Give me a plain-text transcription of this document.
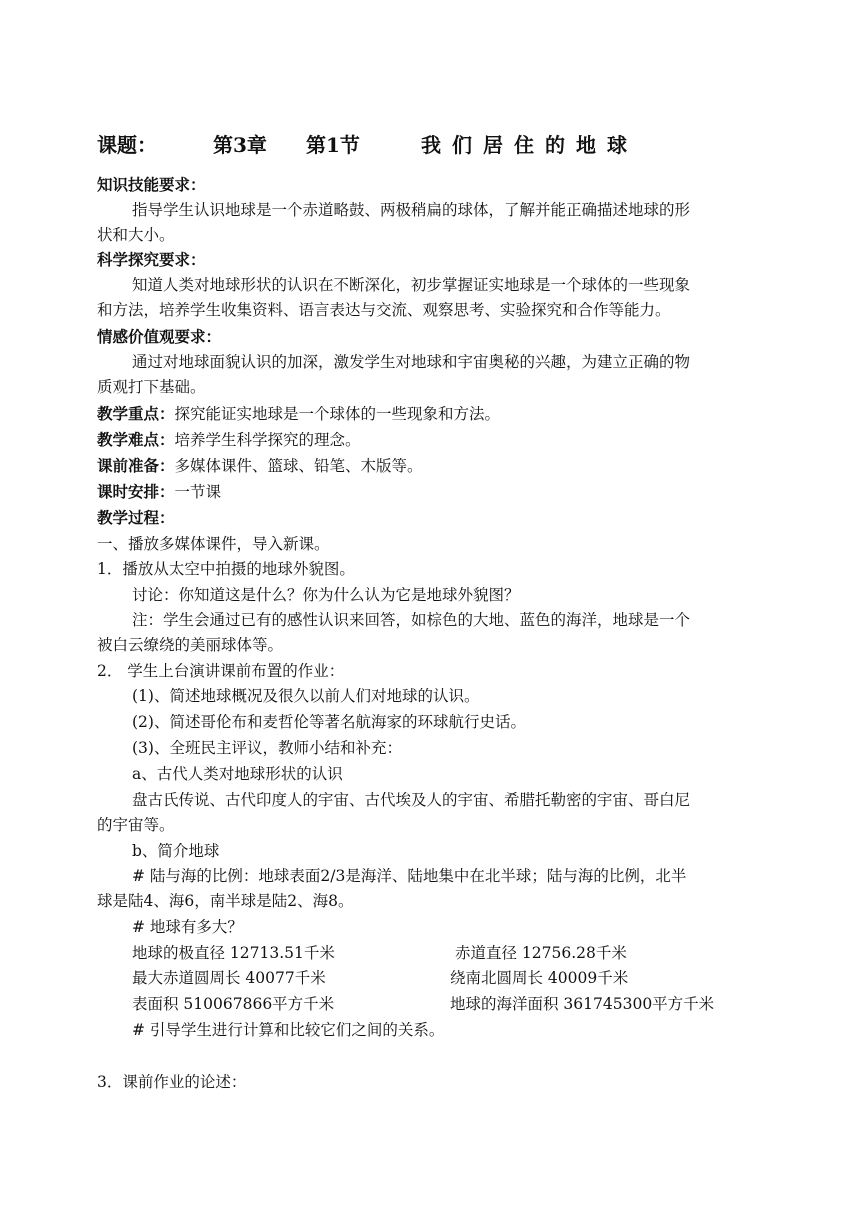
课题：	第3章 第1节	我们居住的地球
知识技能要求：
指导学生认识地球是一个赤道略鼓、两极稍扁的球体，了解并能正确描述地球的形
状和大小。
科学探究要求：
知道人类对地球形状的认识在不断深化，初步掌握证实地球是一个球体的一些现象
和方法，培养学生收集资料、语言表达与交流、观察思考、实验探究和合作等能力。
情感价值观要求：
通过对地球面貌认识的加深，激发学生对地球和宇宙奥秘的兴趣，为建立正确的物
质观打下基础。
教学重点：探究能证实地球是一个球体的一些现象和方法。
教学难点：培养学生科学探究的理念。
课前准备：多媒体课件、篮球、铅笔、木版等。
课时安排：一节课
教学过程：
一、播放多媒体课件，导入新课。
1．播放从太空中拍摄的地球外貌图。
讨论：你知道这是什么？你为什么认为它是地球外貌图？
注：学生会通过已有的感性认识来回答，如棕色的大地、蓝色的海洋，地球是一个
被白云缭绕的美丽球体等。
2． 学生上台演讲课前布置的作业：
(1)、简述地球概况及很久以前人们对地球的认识。
(2)、简述哥伦布和麦哲伦等著名航海家的环球航行史话。
(3)、全班民主评议，教师小结和补充：
a、古代人类对地球形状的认识
盘古氏传说、古代印度人的宇宙、古代埃及人的宇宙、希腊托勒密的宇宙、哥白尼
的宇宙等。
b、简介地球
# 陆与海的比例：地球表面2/3是海洋、陆地集中在北半球；陆与海的比例，北半
球是陆4、海6，南半球是陆2、海8。
# 地球有多大？
地球的极直径 12713.51千米	赤道直径 12756.28千米
最大赤道圆周长 40077千米	绕南北圆周长 40009千米
表面积 510067866平方千米	地球的海洋面积 361745300平方千米
# 引导学生进行计算和比较它们之间的关系。
3．课前作业的论述：
